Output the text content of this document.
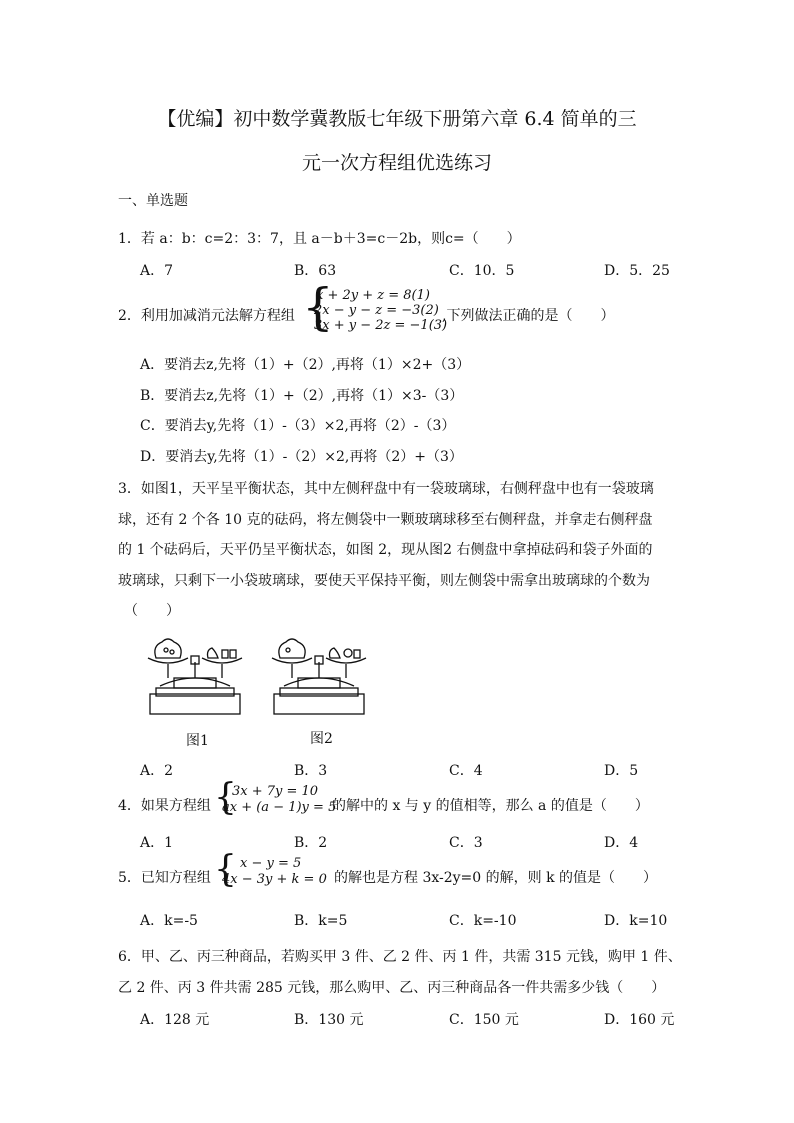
【优编】初中数学冀教版七年级下册第六章 6.4 简单的三
元一次方程组优选练习
一、单选题
1．若 a：b：c=2：3：7，且 a－b＋3=c－2b，则c=（　　）
A．7	B．63	C．10．5	D．5．25
2．利用加减消元法解方程组 {
x + 2y + z = 8(1)
2x − y − z = −3(2)
3x + y − 2z = −1(3)
,下列做法正确的是（　　）
A．要消去z,先将（1）+（2）,再将（1）×2+（3）
B．要消去z,先将（1）+（2）,再将（1）×3-（3）
C．要消去y,先将（1）-（3）×2,再将（2）-（3）
D．要消去y,先将（1）-（2）×2,再将（2）+（3）
3．如图1，天平呈平衡状态，其中左侧秤盘中有一袋玻璃球，右侧秤盘中也有一袋玻璃
球，还有 2 个各 10 克的砝码，将左侧袋中一颗玻璃球移至右侧秤盘，并拿走右侧秤盘
的 1 个砝码后，天平仍呈平衡状态，如图 2，现从图2 右侧盘中拿掉砝码和袋子外面的
玻璃球，只剩下一小袋玻璃球，要使天平保持平衡，则左侧袋中需拿出玻璃球的个数为
（　　）
图1	图2
A．2	B．3	C．4	D．5
4．如果方程组 {
3x + 7y = 10
ax + (a − 1)y = 5
的解中的 x 与 y 的值相等，那么 a 的值是（　　）
A．1	B．2	C．3	D．4
5．已知方程组 { x − y = 5
4x − 3y + k = 0 的解也是方程 3x-2y=0 的解，则 k 的值是（　　）
A．k=-5	B．k=5	C．k=-10	D．k=10
6．甲、乙、丙三种商品，若购买甲 3 件、乙 2 件、丙 1 件，共需 315 元钱，购甲 1 件、
乙 2 件、丙 3 件共需 285 元钱，那么购甲、乙、丙三种商品各一件共需多少钱（　　）
A．128 元	B．130 元	C．150 元	D．160 元
